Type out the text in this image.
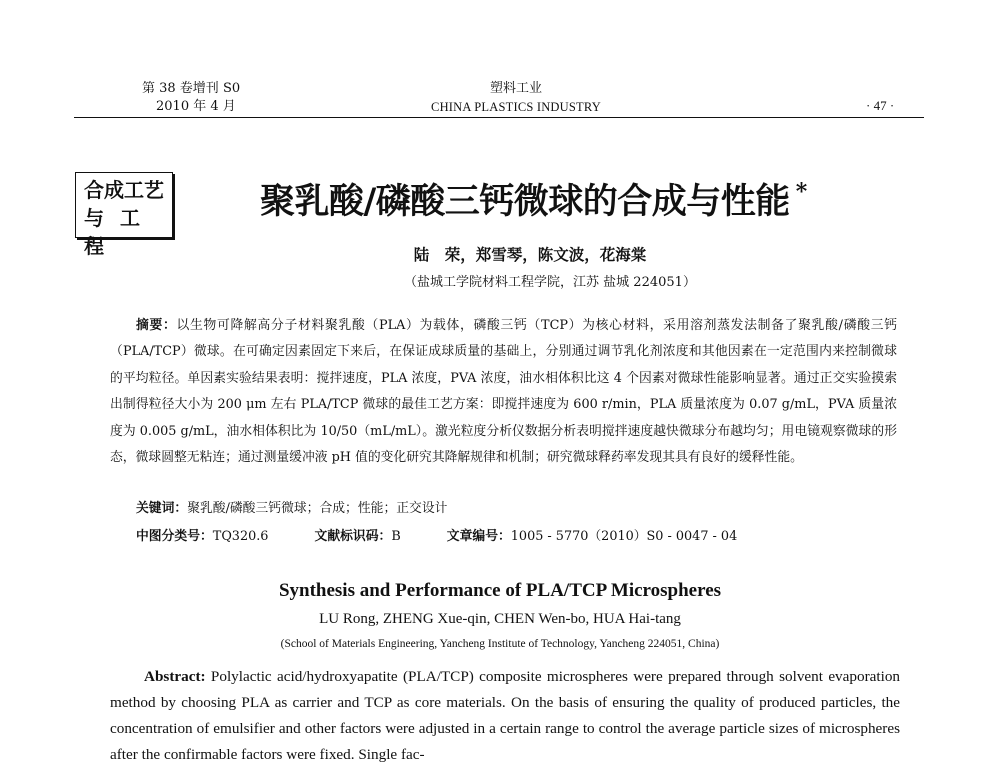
第 38 卷增刊 S0
2010 年 4 月
塑料工业
CHINA PLASTICS INDUSTRY	· 47 ·
合成工艺
与工程
聚乳酸/磷酸三钙微球的合成与性能 *
陆　荣，郑雪琴，陈文波，花海棠
（盐城工学院材料工程学院，江苏 盐城 224051）

摘要：以生物可降解高分子材料聚乳酸（PLA）为载体，磷酸三钙（TCP）为核心材料，采用溶剂蒸发法制备了聚乳酸/磷酸三钙（PLA/TCP）微球。在可确定因素固定下来后，在保证成球质量的基础上，分别通过调节乳化剂浓度和其他因素在一定范围内来控制微球的平均粒径。单因素实验结果表明：搅拌速度，PLA 浓度，PVA 浓度，油水相体积比这 4 个因素对微球性能影响显著。通过正交实验摸索出制得粒径大小为 200 μm 左右 PLA/TCP 微球的最佳工艺方案：即搅拌速度为 600 r/min，PLA 质量浓度为 0.07 g/mL，PVA 质量浓度为 0.005 g/mL，油水相体积比为 10/50（mL/mL）。激光粒度分析仪数据分析表明搅拌速度越快微球分布越均匀；用电镜观察微球的形态，微球圆整无粘连；通过测量缓冲液 pH 值的变化研究其降解规律和机制；研究微球释药率发现其具有良好的缓释性能。

关键词：聚乳酸/磷酸三钙微球；合成；性能；正交设计
中图分类号：TQ320.6	文献标识码：B	文章编号：1005 - 5770（2010）S0 - 0047 - 04
Synthesis and Performance of PLA/TCP Microspheres
LU Rong, ZHENG Xue-qin, CHEN Wen-bo, HUA Hai-tang
(School of Materials Engineering, Yancheng Institute of Technology, Yancheng 224051, China)
Abstract: Polylactic acid/hydroxyapatite (PLA/TCP) composite microspheres were prepared through solvent evaporation method by choosing PLA as carrier and TCP as core materials. On the basis of ensuring the quality of produced particles, the concentration of emulsifier and other factors were adjusted in a certain range to control the average particle sizes of microspheres after the confirmable factors were fixed. Single fac-
